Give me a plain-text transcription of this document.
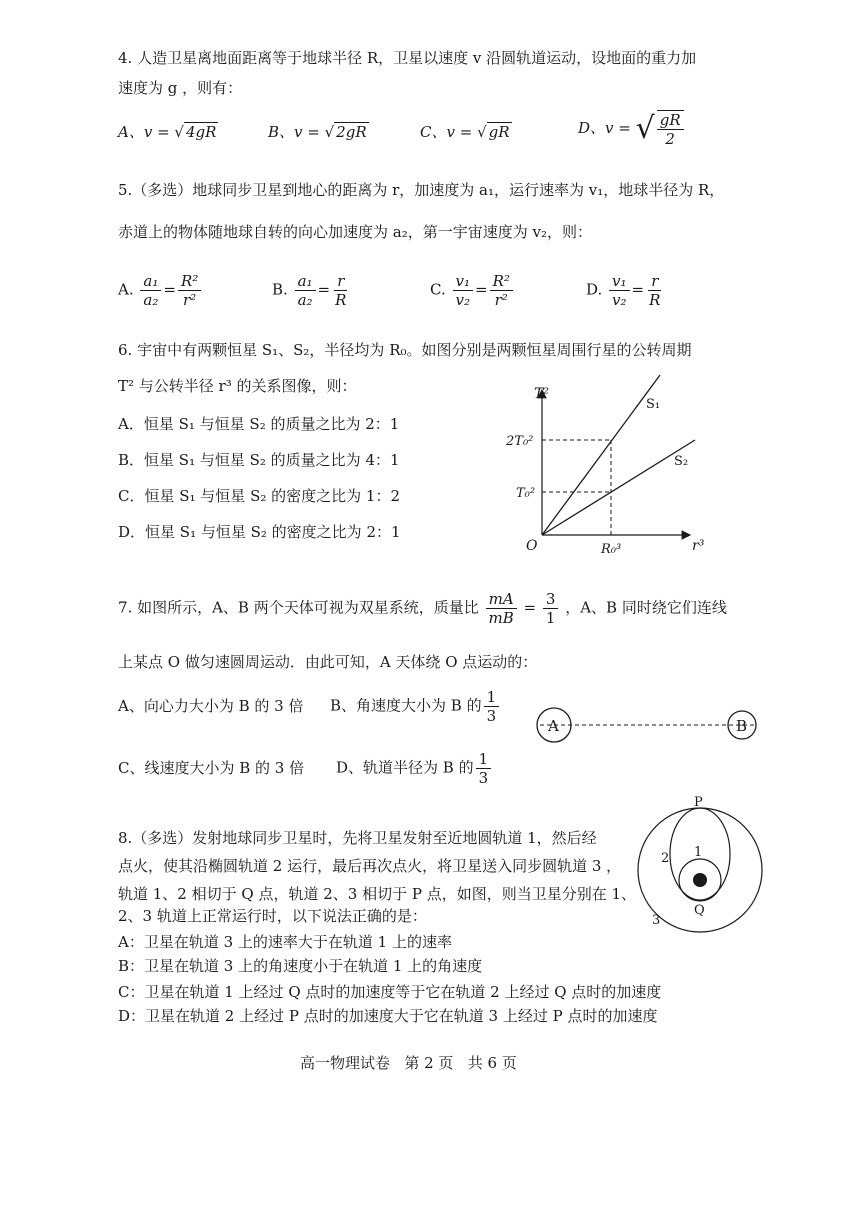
4. 人造卫星离地面距离等于地球半径 R，卫星以速度 v 沿圆轨道运动，设地面的重力加
速度为 g ，则有：
A、v = √ 4gR	B、v = √ 2gR	C、v = √ gR	D、v = √ $\frac{gR}{2}$
5.（多选）地球同步卫星到地心的距离为 r，加速度为 a₁，运行速率为 v₁，地球半径为 R，
赤道上的物体随地球自转的向心加速度为 a₂，第一宇宙速度为 v₂，则：
A. $\frac{\text{a₁}}{\text{a₂}} = \frac{\text{R²}}{\text{r²}}$	B. $\frac{\text{a₁}}{\text{a₂}} = \frac{r}{R}$	C. $\frac{\text{v₁}}{\text{v₂}} = \frac{\text{R²}}{\text{r²}}$	D. $\frac{\text{v₁}}{\text{v₂}} = \frac{r}{R}$
6. 宇宙中有两颗恒星 S₁、S₂，半径均为 R₀。如图分别是两颗恒星周围行星的公转周期
T² 与公转半径 r³ 的关系图像，则：
A．恒星 S₁ 与恒星 S₂ 的质量之比为 2：1
B．恒星 S₁ 与恒星 S₂ 的质量之比为 4：1
C．恒星 S₁ 与恒星 S₂ 的密度之比为 1：2
D．恒星 S₁ 与恒星 S₂ 的密度之比为 2：1
T²
r³
O
2T₀²
T₀²
R₀³
S₁
S₂
7. 如图所示，A、B 两个天体可视为双星系统，质量比 $\frac{mA}{mB} = \frac{3}{1}$ ，A、B 同时绕它们连线
上某点 O 做匀速圆周运动．由此可知，A 天体绕 O 点运动的：
A、向心力大小为 B 的 3 倍 B、角速度大小为 B 的 $\frac{1}{3}$
C、线速度大小为 B 的 3 倍 D、轨道半径为 B 的 $\frac{1}{3}$
A	B
8.（多选）发射地球同步卫星时，先将卫星发射至近地圆轨道 1，然后经
点火，使其沿椭圆轨道 2 运行，最后再次点火，将卫星送入同步圆轨道 3 ，
轨道 1、2 相切于 Q 点，轨道 2、3 相切于 P 点，如图，则当卫星分别在 1、
2、3 轨道上正常运行时，以下说法正确的是：
A：卫星在轨道 3 上的速率大于在轨道 1 上的速率
B：卫星在轨道 3 上的角速度小于在轨道 1 上的角速度
C：卫星在轨道 1 上经过 Q 点时的加速度等于它在轨道 2 上经过 Q 点时的加速度
D：卫星在轨道 2 上经过 P 点时的加速度大于它在轨道 3 上经过 P 点时的加速度
P
Q
1
2
3
高一物理试卷 第 2 页 共 6 页
